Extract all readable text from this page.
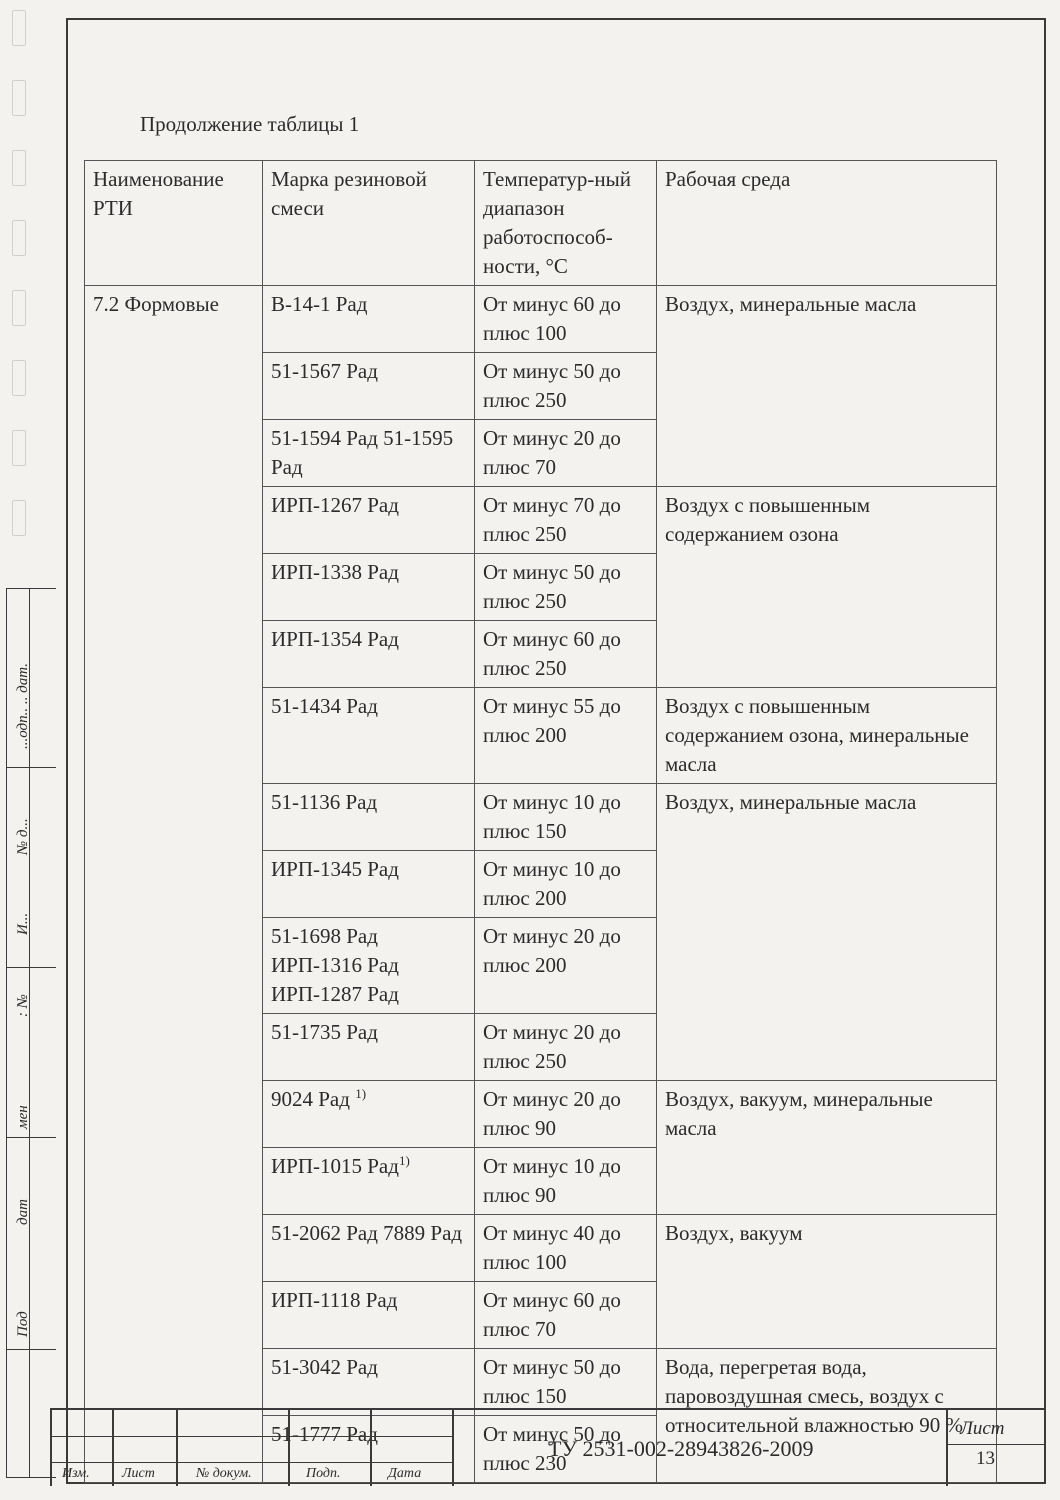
Под
дат
мен
: №
И...
№ д...
...одп.. .. дат.
Продолжение таблицы 1
Наименование РТИ	Марка резиновой смеси	Температур-ный диапазон работоспособ-ности, °С	Рабочая среда
7.2 Формовые	В-14-1 Рад	От минус 60 до плюс 100	Воздух, минеральные масла
	51-1567 Рад	От минус 50 до плюс 250	
	51-1594 Рад 51-1595 Рад	От минус 20 до плюс 70	
	ИРП-1267 Рад	От минус 70 до плюс 250	Воздух с повышенным содержанием озона
	ИРП-1338 Рад	От минус 50 до плюс 250	
	ИРП-1354 Рад	От минус 60 до плюс 250	
	51-1434 Рад	От минус 55 до плюс 200	Воздух с повышенным содержанием озона, минеральные масла
	51-1136 Рад	От минус 10 до плюс 150	Воздух, минеральные масла
	ИРП-1345 Рад	От минус 10 до плюс 200	
	51-1698 Рад ИРП-1316 Рад ИРП-1287 Рад	От минус 20 до плюс 200	
	51-1735 Рад	От минус 20 до плюс 250	
	9024 Рад $^{1)}$	От минус 20 до плюс 90	Воздух, вакуум, минеральные масла
	ИРП-1015 Рад$^{1)}$	От минус 10 до плюс 90	
	51-2062 Рад 7889 Рад	От минус 40 до плюс 100	Воздух, вакуум
	ИРП-1118 Рад	От минус 60 до плюс 70	
	51-3042 Рад	От минус 50 до плюс 150	Вода, перегретая вода, паровоздушная смесь, воздух с относительной влажностью 90 %
	51-1777 Рад	От минус 50 до плюс 230	
Изм. Лист	№ докум.	Подп.	Дата
ТУ 2531-002-28943826-2009
Лист
13
